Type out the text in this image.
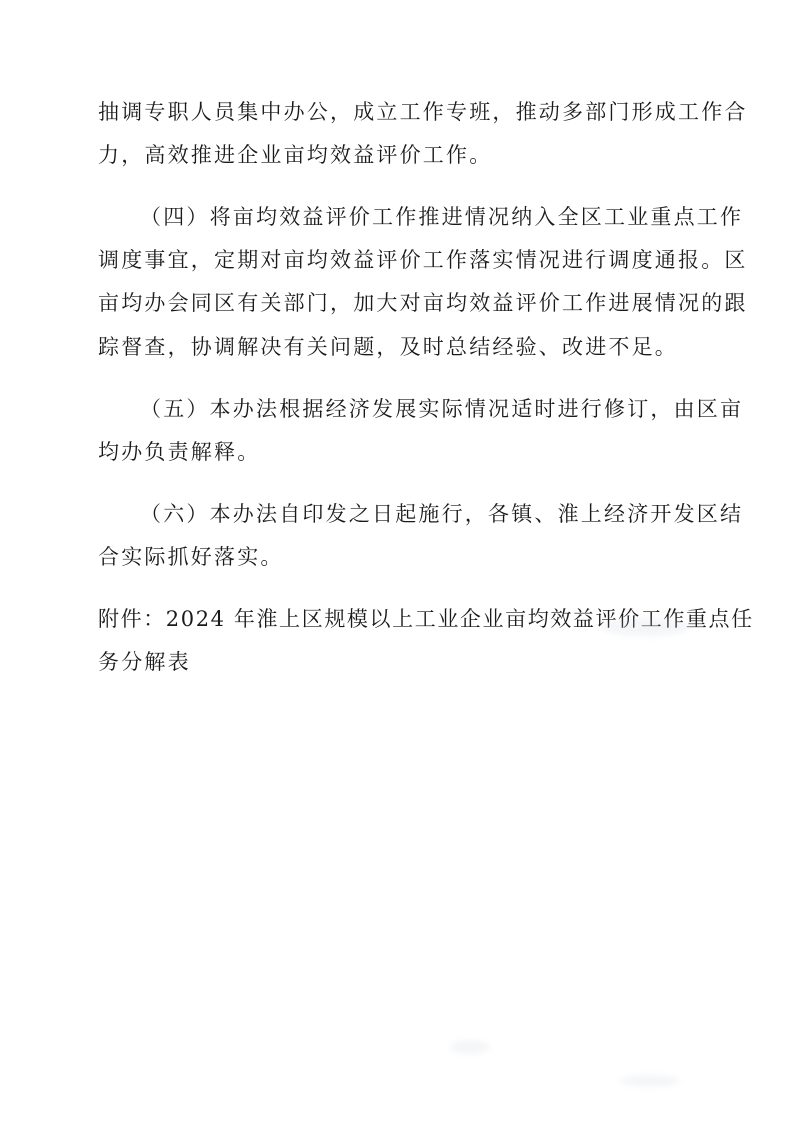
抽调专职人员集中办公，成立工作专班，推动多部门形成工作合
力，高效推进企业亩均效益评价工作。
（四）将亩均效益评价工作推进情况纳入全区工业重点工作
调度事宜，定期对亩均效益评价工作落实情况进行调度通报。区
亩均办会同区有关部门，加大对亩均效益评价工作进展情况的跟
踪督查，协调解决有关问题，及时总结经验、改进不足。
（五）本办法根据经济发展实际情况适时进行修订，由区亩
均办负责解释。
（六）本办法自印发之日起施行，各镇、淮上经济开发区结
合实际抓好落实。
附件：2024 年淮上区规模以上工业企业亩均效益评价工作重点任
务分解表
